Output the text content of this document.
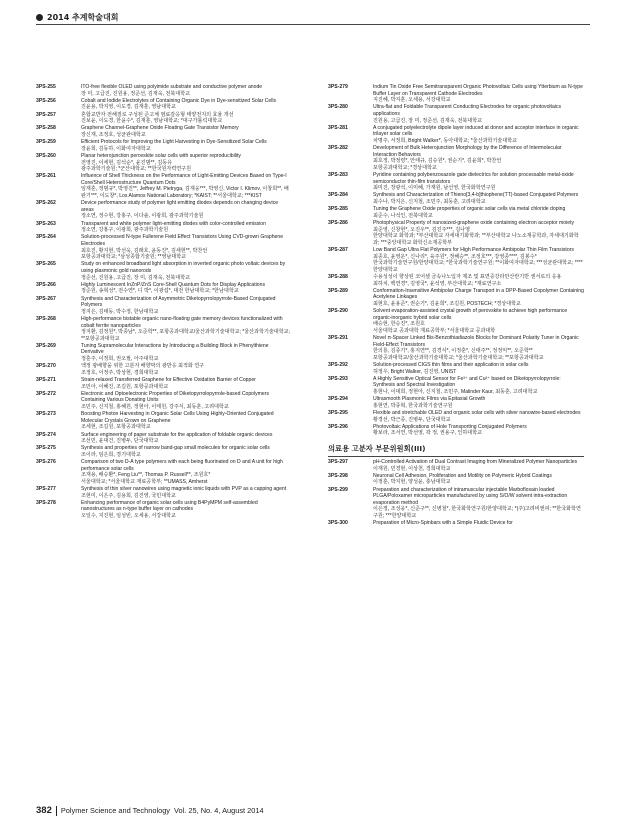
2014 추계학술대회
3PS-255	ITO-free flexible OLED using polyimide substrate and conductive polymer anode
장 미, 고급진, 진원용, 정준선, 김재욱, 전북대학교
3PS-256	Cobalt and Iodide Electrolytes of Containing Organic Dye in Dye-sensitized Solar Cells
진윤용, 박지영, 이도경, 김재훈, 영남대학교
3PS-257	혼합교반자 전해질로 구성된 준고체 염료감응형 태양전지의 효율 개선
진보윤, 이도경, 한윤수*, 김재훈, 영남대학교; *대구가톨릭대학교
3PS-258	Graphene Channel-Graphene Oxide Floating Gate Transistor Memory
장신재, 조정호, 성균관대학교
3PS-259	Efficient Protocols for Improving the Light Harvesting in Dye-Sensitized Solar Cells
장윤희, 김동하, 이화여자대학교
3PS-260	Planar heterojunction perovskite solar cells with superior reproducibility
전영진, 이세현, 김석순*, 윤진범**, 김동유
광주과학기술원; *군산대학교; **한국원자력연구원
3PS-261	Influence of Shell Thickness on the Performance of Light-Emitting Devices Based on Type-I Core/Shell Heterostructure Quantum Dots
임재훈, 정범규*, 박영진**, Jeffrey M. Pietryga, 김재웅***, 박영신, Victor I. Klimov, 이창희**, 배완기***, 이도창*, Los Alamos National Laboratory; *KAIST; **서울대학교; ***KIST
3PS-262	Device performance study of polymer light emitting diodes depends on changing device areas
정소연, 정수현, 강홍구, 이다솔, 이광희, 광주과학기술원
3PS-263	Transparent and white polymer light-emitting diodes with color-controlled emission
정소연, 강홍구, 이광희, 광주과학기술원
3PS-264	Solution-processed N-type Fullerene Field Effect Transistors Using CVD-grown Graphene Electrodes
최호진, 황지현, 박선욱, 김래호, 윤동진*, 김세현**, 박찬언
포항공과대학교; *삼성종합기술원; **영남대학교
3PS-265	Study on enhanced broadband light absorption in inverted organic photo voltaic devices by using plasmonic gold nanorods
정준선, 진원용, 고급진, 장 미, 김재욱, 전북대학교
3PS-266	Highly Luminescent InZnP/ZnS Core-Shell Quantum Dots for Display Applications
정준원, 송혁성*, 전수연*, 디 박*, 이광섭*, 대전 한남대학교; *한남대학교
3PS-267	Synthesis and Characterization of Asymmetric Diketopyrrolopyrrole-Based Conjugated Polymers
정지은, 김태동, 박수정, 한남대학교
3PS-268	High-performance bistable organic nano-floating gate memory devices functionalized with cobalt ferrite nanoparticles
정지환, 김정원*, 박종남*, 오준학**, 포항공과대학교/울산과학기술대학교; *울산과학기술대학교; **포항공과대학교
3PS-269	Tuning Supramolecular Interactions by Introducing a Building Block in Phenylthiene Derivative
정훈주, 이정희, 권오필, 아주대학교
3PS-270	액정 광배향을 위한 고분자 배향막의 광반응 최적화 연구
조정호, 이정주, 박상현, 경희대학교
3PS-271	Strain-relaxed Transferred Graphene for Effective Oxidation Barrier of Copper
조민아, 이혜진, 조길원, 포항공과대학교
3PS-272	Electronic and Optoelectronic Properties of Diketopyrrolopyrrole-based Copolymers Containing Various Donating Units
조민주, 신지철, 홍혜원, 정현아, 이태원, 강주식, 최동훈, 고려대학교
3PS-273	Boosting Photon Harvesting in Organic Solar Cells Using Highly-Oriented Conjugated Molecular Crystals Grown on Graphene
조세현, 조길원, 포항공과대학교
3PS-274	Surface engineering of paper substrate for the application of foldable organic devices
조선민, 윤대건, 진병두, 단국대학교
3PS-275	Synthesis and properties of narrow band-gap small molecules for organic solar cells
조이라, 임은희, 경기대학교
3PS-276	Comparison of two D-A type polymers with each being fluorinated on D and A unit for high performance solar cells
조재용, 배승환*, Feng Liu**, Thomas P. Russell**, 조원호*
서울대학교; *서울대학교 재료공학부; **UMASS, Amherst
3PS-277	Synthesis of thin silver nanowires using magnetic ionic liquids with PVP as a capping agent
조현미, 이은주, 김용희, 김진영, 국민대학교
3PS-278	Enhancing performance of organic solar cells using B4PyMPM self-assembled nanostructures as n-type buffer layer on cathodes
오일수, 지진현, 임성빈, 오세용, 서강대학교
3PS-279	Indium Tin Oxide Free Semitransparent Organic Photovoltaic Cells using Ytterbium as N-type Buffer Layer on Transparent Cathode Electrodes
지진혜, 박지훈, 오세용, 서강대학교
3PS-280	Ultra-flat and Foldable Transparent Conducting Electrodes for organic photovoltaics applications
진원용, 고급진, 장 미, 정준선, 김재욱, 전북대학교
3PS-281	A conjugated polyelectrolyte dipole layer induced at donor and acceptor interface in organic trilayer solar cells
차명주, 서정희, Bright Walker*, 동아대학교; *울산과학기술대학교
3PS-282	Development of Bulk Heterojunction Morphology by the Difference of Intermolecular Interaction Behaviors
최호정, 박정령*, 안태규, 김승원*, 권순기*, 김윤희*, 박찬언
포항공과대학교; *경상대학교
3PS-283	Pyridine containing polybenzoxazole gate dielectrics for solution processable metal-oxide semiconductor thin-film transistors
최미진, 장광석, 이미혜, 가재원, 남선영, 한국화학연구원
3PS-284	Synthesis and Characterization of Thieno[3,4-b]thiophene(TT)-based Conjugated Polymers
최수나, 박지은, 신지철, 조민주, 최동훈, 고려대학교
3PS-285	Tuning the Graphene Oxide properties of organic solar cells via metal chloride doping
최준수, 나석인, 전북대학교
3PS-286	Photophysical Property of nanosized-graphene oxide containing electron acceptor moiety
최준영, 신창현*, 오진우**, 김진주***, 김나영
한양대학교 화학과; *부산대학교 자세대기화학과; **부산대학교 나노소재공학과, 자세대기화학과; ***중앙대학교 화학신소재공학부
3PS-287	Low Band Gap Ultra Flat Polymers for High Performance Ambipolar Thin Film Transistors
최종호, 윤영운*, 신나리*, 육주원*, 정해승**, 조정호***, 강영종****, 김봉수*
한국과학기술연구원/한양대학교; *한국과학기술연구원; **이화여자대학교; ***성균관대학교; ****한양대학교
3PS-288	수용성성이 향상된 코어셀 금속나노입자 제조 및 표면증강라만산란기반 센서로의 응용
최하치, 백연경*, 김영국*, 윤석영, 부산대학교; *재료연구소
3PS-289	Conformation-Insensitive Ambipolar Charge Transport in a DPP-Based Copolymer Containing Acetylene Linkages
최현호, 윤용준*, 권순기*, 김윤희*, 조길원, POSTECH; *경상대학교
3PS-290	Solvent evaporation-assisted crystal growth of perovskite to achieve high performance organic-inorganic hybrid solar cells
배승현, 한승진*, 조원호
서울대학교 공과대학 재료공학부; *서울대학교 공과대학
3PS-291	Novel π-Spacer Linked Bis-Benzothiadiazole Blocks for Dominant Polarity Tuner in Organic Field-Effect Transistors
한의룡, 김종기*, 홍지연**, 김경식*, 이정훈*, 신태주**, 정정익**, 오준학**
포항공과대학교/울산과학기술대학교; *울산과학기술대학교; **포항공과대학교
3PS-292	Solution-processed CIGS thin films and their application in solar cells
허정우, Bright Walker, 김진영, UNIST
3PS-293	A Highly Sensitive Optical Sensor for Fe³⁺ and Cu²⁺ based on Diketopyrrolopyrrole: Synthesis and Spectral Investigation
홍현나, 이대희, 정현아, 신지철, 조민주, Malinder Kaur, 최동훈, 고려대학교
3PS-294	Ultrasmooth Plasmonic Films via Epitaxial Growth
홍현연, 박종혁, 한국과학기술연구원
3PS-295	Flexible and stretchable OLED and organic solar cells with silver nanowire-based electrodes
황경선, 박근종, 진병두, 단국대학교
3PS-296	Photovoltaic Applications of Hole Transporting Conjugated Polymers
황보라, 조서연, 박선영, 곽 정, 권용구, 인하대학교
의료용 고분자 부문위원회(III)
3PS-297	pH-Controlled Activation of Dual Contrast Imaging from Mineralized Polymer Nanoparticles
이재원, 민경현, 이상천, 경희대학교
3PS-298	Neuronal Cell Adhesion, Proliferation and Motility on Polymeric Hybrid Coatings
이정훈, 박지현, 양성윤, 충남대학교
3PS-299	Preparation and characterization of intramuscular injectable Marbofloxain loaded PLGA/Poloxamer microparticles manufactured by using S/O/W solvent intra-extraction evaporation method
이은정, 조성웅*, 신준구**, 신병철*, 한국화학연구원/한양대학교; *(주)고려비엔피; **한국화학연구원; ***한양대학교
3PS-300	Preparation of Micro-Spinbars with a Simple Fluidic Device for
382 Polymer Science and Technology Vol. 25, No. 4, August 2014
